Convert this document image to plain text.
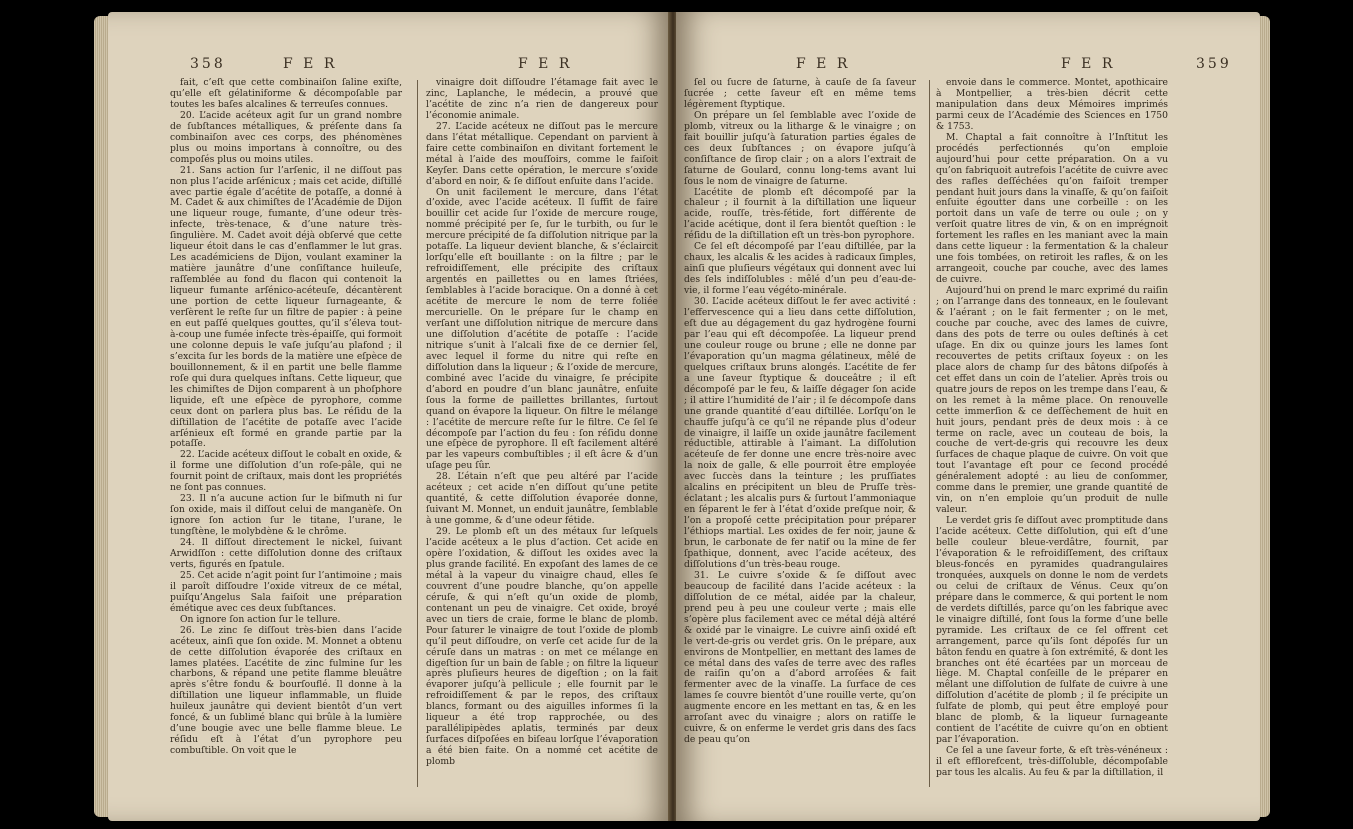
358	F E R	F E R

fait, c’eſt que cette combinaiſon ſaline exiſte, qu’elle eſt gélatiniforme & décompoſable par toutes les baſes alcalines & terreuſes connues.

20. L’acide acéteux agit ſur un grand nombre de ſubſtances métalliques, & préſente dans ſa combinaiſon avec ces corps, des phénomènes plus ou moins importans à connoître, ou des compoſés plus ou moins utiles.

21. Sans action ſur l’arſenic, il ne diſſout pas non plus l’acide arſénicux ; mais cet acide, diſtillé avec partie égale d’acétite de potaſſe, a donné à M. Cadet & aux chimiſtes de l’Académie de Dijon une liqueur rouge, fumante, d’une odeur très-infecte, très-tenace, & d’une nature très-ſingulière. M. Cadet avoit déjà obſervé que cette liqueur étoit dans le cas d’enflammer le lut gras. Les académiciens de Dijon, voulant examiner la matière jaunâtre d’une conſiſtance huileuſe, raſſemblée au fond du flacon qui contenoit la liqueur fumante arſénico-acéteuſe, décantèrent une portion de cette liqueur ſurnageante, & verſèrent le reſte ſur un filtre de papier : à peine en eut paſſé quelques gouttes, qu’il s’éleva tout-à-coup une fumée infecte très-épaiſſe, qui formoit une colonne depuis le vaſe juſqu’au plafond ; il s’excita ſur les bords de la matière une eſpèce de bouillonnement, & il en partit une belle flamme roſe qui dura quelques inſtans. Cette liqueur, que les chimiſtes de Dijon comparent à un phoſphore liquide, eſt une eſpèce de pyrophore, comme ceux dont on parlera plus bas. Le réſidu de la diſtillation de l’acétite de potaſſe avec l’acide arſénieux eſt formé en grande partie par la potaſſe.

22. L’acide acéteux diſſout le cobalt en oxide, & il forme une diſſolution d’un roſe-pâle, qui ne fournit point de criſtaux, mais dont les propriétés ne ſont pas connues.

23. Il n’a aucune action ſur le biſmuth ni ſur ſon oxide, mais il diſſout celui de manganèſe. On ignore ſon action ſur le titane, l’urane, le tungſtène, le molybdène & le chrôme.

24. Il diſſout directement le nickel, ſuivant Arwidſſon : cette diſſolution donne des criſtaux verts, figurés en ſpatule.

25. Cet acide n’agit point ſur l’antimoine ; mais il paroît diſſoudre l’oxide vitreux de ce métal, puiſqu’Angelus Sala faiſoit une préparation émétique avec ces deux ſubſtances.

On ignore ſon action ſur le tellure.

26. Le zinc ſe diſſout très-bien dans l’acide acéteux, ainſi que ſon oxide. M. Monnet a obtenu de cette diſſolution évaporée des criſtaux en lames platées. L’acétite de zinc fulmine ſur les charbons, & répand une petite flamme bleuâtre après s’être fondu & bourſouflé. Il donne à la diſtillation une liqueur inflammable, un fluide huileux jaunâtre qui devient bientôt d’un vert foncé, & un ſublimé blanc qui brûle à la lumière d’une bougie avec une belle flamme bleue. Le réſidu eſt à l’état d’un pyrophore peu combuſtible. On voit que le

vinaigre doit diſſoudre l’étamage fait avec le zinc, Laplanche, le médecin, a prouvé que l’acétite de zinc n’a rien de dangereux pour l’économie animale.

27. L’acide acéteux ne diſſout pas le mercure dans l’état métallique. Cependant on parvient à faire cette combinaiſon en divitant fortement le métal à l’aide des mouſſoirs, comme le faiſoit Keyſer. Dans cette opération, le mercure s’oxide d’abord en noir, & ſe diſſout enſuite dans l’acide.

On unit facilement le mercure, dans l’état d’oxide, avec l’acide acéteux. Il ſuffit de faire bouillir cet acide ſur l’oxide de mercure rouge, nommé précipité per ſe, ſur le turbith, ou ſur le mercure précipité de ſa diſſolution nitrique par la potaſſe. La liqueur devient blanche, & s’éclaircit lorſqu’elle eſt bouillante : on la filtre ; par le refroidiſſement, elle précipite des criſtaux argentés en paillettes ou en lames ſtriées, ſemblables à l’acide boracique. On a donné à cet acétite de mercure le nom de terre foliée mercurielle. On le prépare ſur le champ en verſant une diſſolution nitrique de mercure dans une diſſolution d’acétite de potaſſe : l’acide nitrique s’unit à l’alcali fixe de ce dernier ſel, avec lequel il forme du nitre qui reſte en diſſolution dans la liqueur ; & l’oxide de mercure, combiné avec l’acide du vinaigre, ſe précipite d’abord en poudre d’un blanc jaunâtre, enſuite ſous la forme de paillettes brillantes, ſurtout quand on évapore la liqueur. On filtre le mélange : l’acétite de mercure reſte ſur le filtre. Ce ſel ſe décompoſe par l’action du feu : ſon réſidu donne une eſpèce de pyrophore. Il eſt facilement altéré par les vapeurs combuſtibles ; il eſt âcre & d’un uſage peu ſûr.

28. L’étain n’eſt que peu altéré par l’acide acéteux ; cet acide n’en diſſout qu’une petite quantité, & cette diſſolution évaporée donne, ſuivant M. Monnet, un enduit jaunâtre, ſemblable à une gomme, & d’une odeur fétide.

29. Le plomb eſt un des métaux ſur leſquels l’acide acéteux a le plus d’action. Cet acide en opère l’oxidation, & diſſout les oxides avec la plus grande facilité. En expoſant des lames de ce métal à la vapeur du vinaigre chaud, elles ſe couvrent d’une poudre blanche, qu’on appelle céruſe, & qui n’eſt qu’un oxide de plomb, contenant un peu de vinaigre. Cet oxide, broyé avec un tiers de craie, forme le blanc de plomb. Pour ſaturer le vinaigre de tout l’oxide de plomb qu’il peut diſſoudre, on verſe cet acide ſur de la céruſe dans un matras : on met ce mélange en digeſtion ſur un bain de ſable ; on filtre la liqueur après pluſieurs heures de digeſtion ; on la fait évaporer juſqu’à pellicule ; elle fournit par le refroidiſſement & par le repos, des criſtaux blancs, formant ou des aiguilles informes ſi la liqueur a été trop rapprochée, ou des parallélipipèdes aplatis, terminés par deux ſurfaces diſpoſées en biſeau lorſque l’évaporation a été bien faite. On a nommé cet acétite de plomb

F E R	F E R	359

ſel ou ſucre de ſaturne, à cauſe de ſa ſaveur ſucrée ; cette ſaveur eſt en même tems légèrement ſtyptique.

On prépare un ſel ſemblable avec l’oxide de plomb, vitreux ou la litharge & le vinaigre ; on fait bouillir juſqu’à ſaturation parties égales de ces deux ſubſtances ; on évapore juſqu’à conſiſtance de ſirop clair ; on a alors l’extrait de ſaturne de Goulard, connu long-tems avant lui ſous le nom de vinaigre de ſaturne.

L’acétite de plomb eſt décompoſé par la chaleur ; il fournit à la diſtillation une liqueur acide, rouſſe, très-fétide, fort différente de l’acide acétique, dont il ſera bientôt queſtion : le réſidu de la diſtillation eſt un très-bon pyrophore.

Ce ſel eſt décompoſé par l’eau diſtillée, par la chaux, les alcalis & les acides à radicaux ſimples, ainſi que pluſieurs végétaux qui donnent avec lui des ſels indiſſolubles : mêlé d’un peu d’eau-de-vie, il forme l’eau végéto-minérale.

30. L’acide acéteux diſſout le fer avec activité : l’effervescence qui a lieu dans cette diſſolution, eſt due au dégagement du gaz hydrogène fourni par l’eau qui eſt décompoſée. La liqueur prend une couleur rouge ou brune ; elle ne donne par l’évaporation qu’un magma gélatineux, mêlé de quelques criſtaux bruns alongés. L’acétite de fer a une ſaveur ſtyptique & douceâtre ; il eſt décompoſé par le feu, & laiſſe dégager ſon acide ; il attire l’humidité de l’air ; il ſe décompoſe dans une grande quantité d’eau diſtillée. Lorſqu’on le chauffe juſqu’à ce qu’il ne répande plus d’odeur de vinaigre, il laiſſe un oxide jaunâtre facilement réductible, attirable à l’aimant. La diſſolution acéteuſe de fer donne une encre très-noire avec la noix de galle, & elle pourroit être employée avec ſuccès dans la teinture ; les pruſſiates alcalins en précipitent un bleu de Pruſſe très-éclatant ; les alcalis purs & ſurtout l’ammoniaque en ſéparent le fer à l’état d’oxide preſque noir, & l’on a propoſé cette précipitation pour préparer l’éthiops martial. Les oxides de fer noir, jaune & brun, le carbonate de fer natif ou la mine de fer ſpathique, donnent, avec l’acide acéteux, des diſſolutions d’un très-beau rouge.

31. Le cuivre s’oxide & ſe diſſout avec beaucoup de facilité dans l’acide acéteux : la diſſolution de ce métal, aidée par la chaleur, prend peu à peu une couleur verte ; mais elle s’opère plus facilement avec ce métal déjà altéré & oxidé par le vinaigre. Le cuivre ainſi oxidé eſt le vert-de-gris ou verdet gris. On le prépare, aux environs de Montpellier, en mettant des lames de ce métal dans des vaſes de terre avec des rafles de raiſin qu’on a d’abord arroſées & fait fermenter avec de la vinaſſe. La ſurface de ces lames ſe couvre bientôt d’une rouille verte, qu’on augmente encore en les mettant en tas, & en les arroſant avec du vinaigre ; alors on ratiſſe le cuivre, & on enferme le verdet gris dans des ſacs de peau qu’on

envoie dans le commerce. Montet, apothicaire à Montpellier, a très-bien décrit cette manipulation dans deux Mémoires imprimés parmi ceux de l’Académie des Sciences en 1750 & 1753.

M. Chaptal a fait connoître à l’Inſtitut les procédés perfectionnés qu’on emploie aujourd’hui pour cette préparation. On a vu qu’on fabriquoit autrefois l’acétite de cuivre avec des rafles deſſéchées qu’on faiſoit tremper pendant huit jours dans la vinaſſe, & qu’on faiſoit enſuite égoutter dans une corbeille : on les portoit dans un vaſe de terre ou oule ; on y verſoit quatre litres de vin, & on en imprégnoit fortement les rafles en les maniant avec la main dans cette liqueur : la fermentation & la chaleur une fois tombées, on retiroit les rafles, & on les arrangeoit, couche par couche, avec des lames de cuivre.

Aujourd’hui on prend le marc exprimé du raiſin ; on l’arrange dans des tonneaux, en le ſoulevant & l’aérant ; on le fait fermenter ; on le met, couche par couche, avec des lames de cuivre, dans des pots de terre ou oules deſtinés à cet uſage. En dix ou quinze jours les lames ſont recouvertes de petits criſtaux ſoyeux : on les place alors de champ ſur des bâtons diſpoſés à cet effet dans un coin de l’atelier. Après trois ou quatre jours de repos on les trempe dans l’eau, & on les remet à la même place. On renouvelle cette immerſion & ce deſſèchement de huit en huit jours, pendant près de deux mois : à ce terme on racle, avec un couteau de bois, la couche de vert-de-gris qui recouvre les deux ſurfaces de chaque plaque de cuivre. On voit que tout l’avantage eſt pour ce ſecond procédé généralement adopté : au lieu de conſommer, comme dans le premier, une grande quantité de vin, on n’en emploie qu’un produit de nulle valeur.

Le verdet gris ſe diſſout avec promptitude dans l’acide acéteux. Cette diſſolution, qui eſt d’une belle couleur bleue-verdâtre, fournit, par l’évaporation & le refroidiſſement, des criſtaux bleus-foncés en pyramides quadrangulaires tronquées, auxquels on donne le nom de verdets ou celui de criſtaux de Vénus. Ceux qu’on prépare dans le commerce, & qui portent le nom de verdets diſtillés, parce qu’on les fabrique avec le vinaigre diſtillé, ſont ſous la forme d’une belle pyramide. Les criſtaux de ce ſel offrent cet arrangement, parce qu’ils ſont dépoſés ſur un bâton fendu en quatre à ſon extrémité, & dont les branches ont été écartées par un morceau de liège. M. Chaptal conſeille de le préparer en mêlant une diſſolution de ſulfate de cuivre à une diſſolution d’acétite de plomb ; il ſe précipite un ſulfate de plomb, qui peut être employé pour blanc de plomb, & la liqueur ſurnageante contient de l’acétite de cuivre qu’on en obtient par l’évaporation.

Ce ſel a une ſaveur forte, & eſt très-vénéneux : il eſt efflorefcent, très-diſſoluble, décompoſable par tous les alcalis. Au feu & par la diſtillation, il
